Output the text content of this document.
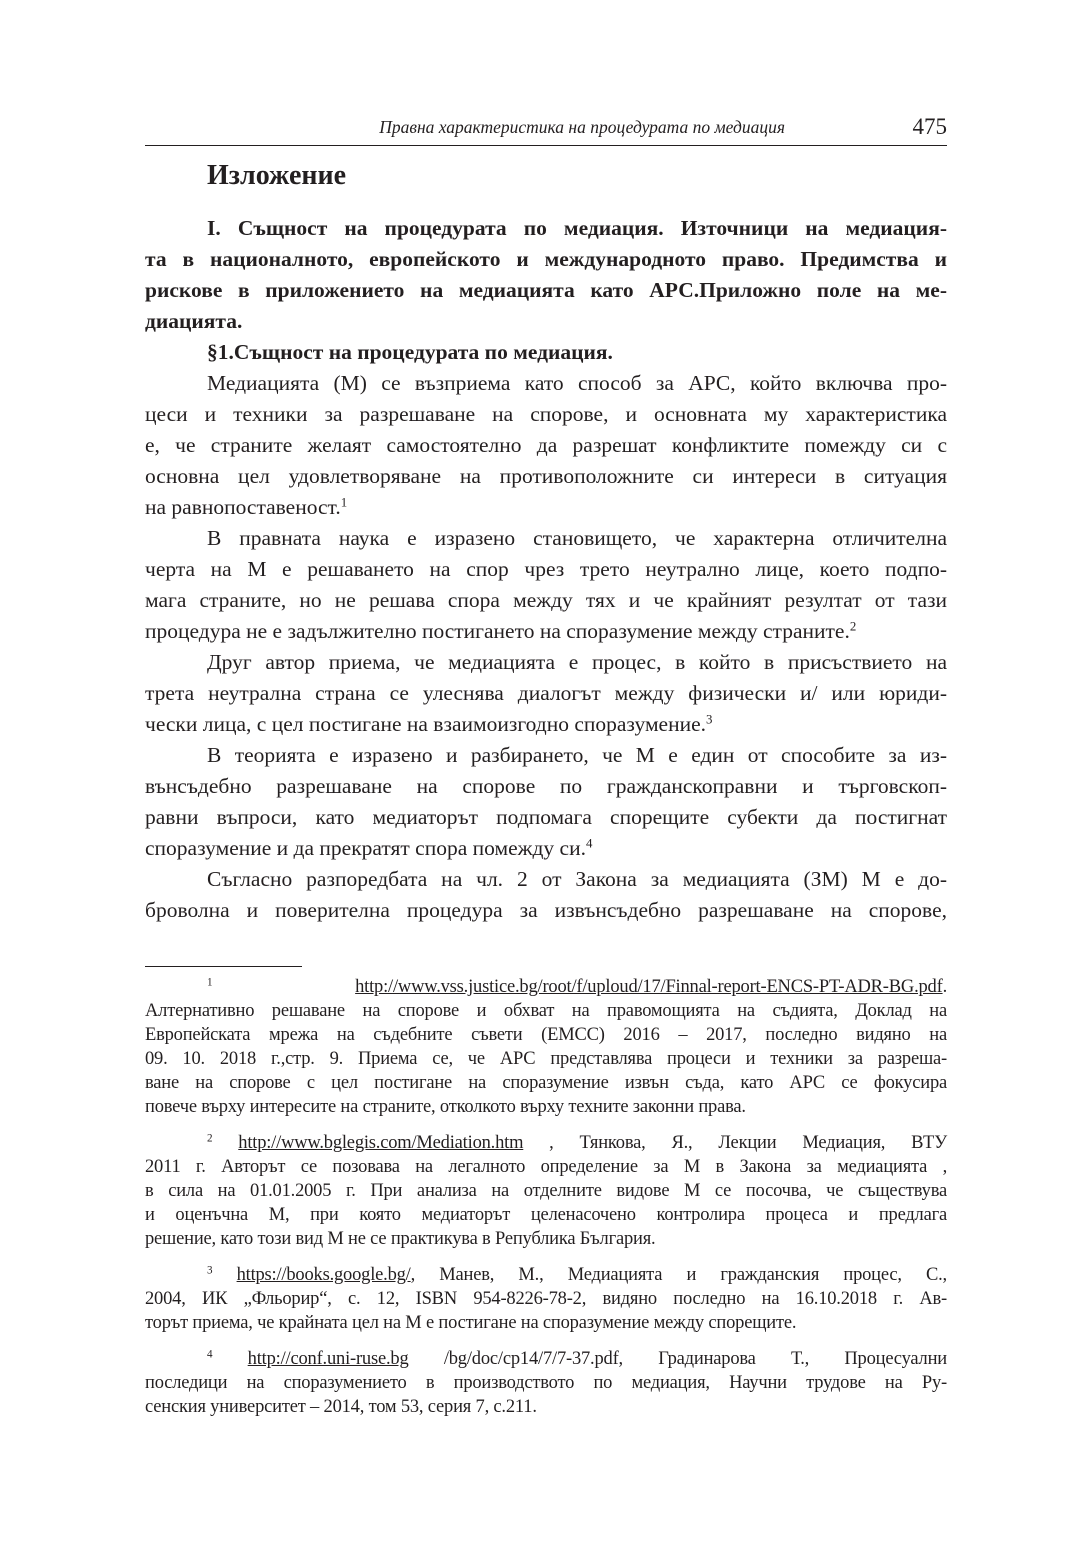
Правна характеристика на процедурата по медиация	475
Изложение
I. Същност на процедурата по медиация. Източници на медиация-
та в националното, европейското и международното право. Предимства и
рискове в приложението на медиацията като АРС.Приложно поле на ме-
диацията.
§1.Същност на процедурата по медиация.
Медиацията (М) се възприема като способ за АРС, който включва про-
цеси и техники за разрешаване на спорове, и основната му характеристика
е, че страните желаят самостоятелно да разрешат конфликтите помежду си с
основна цел удовлетворяване на противоположните си интереси в ситуация
на равнопоставеност.$^1$
В правната наука е изразено становището, че характерна отличителна
черта на М е решаването на спор чрез трето неутрално лице, което подпо-
мага страните, но не решава спора между тях и че крайният резултат от тази
процедура не е задължително постигането на споразумение между страните.$^2$
Друг автор приема, че медиацията е процес, в който в присъствието на
трета неутрална страна се улеснява диалогът между физически и/ или юриди-
чески лица, с цел постигане на взаимоизгодно споразумение.$^3$
В теорията е изразено и разбирането, че М е един от способите за из-
вънсъдебно разрешаване на спорове по гражданскоправни и търговскоп-
равни въпроси, като медиаторът подпомага спорещите субекти да постигнат
споразумение и да прекратят спора помежду си.$^4$
Съгласно разпоредбата на чл. 2 от Закона за медиацията (ЗМ) М е до-
броволна и поверителна процедура за извънсъдебно разрешаване на спорове,
$^1$	http://www.vss.justice.bg/root/f/uploud/17/Finnal-report-ENCS-PT-ADR-BG.pdf.
Алтернативно решаване на спорове и обхват на правомощията на съдията, Доклад на
Европейската мрежа на съдебните съвети (ЕМСС) 2016 – 2017, последно видяно на
09. 10. 2018 г.,стр. 9. Приема се, че АРС представлява процеси и техники за разреша-
ване на спорове с цел постигане на споразумение извън съда, като АРС се фокусира
повече върху интересите на страните, отколкото върху техните законни права.
$^2$ http://www.bglegis.com/Mediation.htm , Тянкова, Я., Лекции Медиация, ВТУ
2011 г. Авторът се позовава на легалното определение за М в Закона за медиацията ,
в сила на 01.01.2005 г. При анализа на отделните видове М се посочва, че съществува
и оценъчна М, при която медиаторът целенасочено контролира процеса и предлага
решение, като този вид М не се практикува в Република България.
$^3$ https://books.google.bg/, Манев, М., Медиацията и гражданския процес, С.,
2004, ИК „Фльорир“, с. 12, ISBN 954-8226-78-2, видяно последно на 16.10.2018 г. Ав-
торът приема, че крайната цел на М е постигане на споразумение между спорещите.
$^4$ http://conf.uni-ruse.bg /bg/doc/cp14/7/7-37.pdf, Градинарова Т., Процесуални
последици на споразумението в производството по медиация, Научни трудове на Ру-
сенския университет – 2014, том 53, серия 7, с.211.
